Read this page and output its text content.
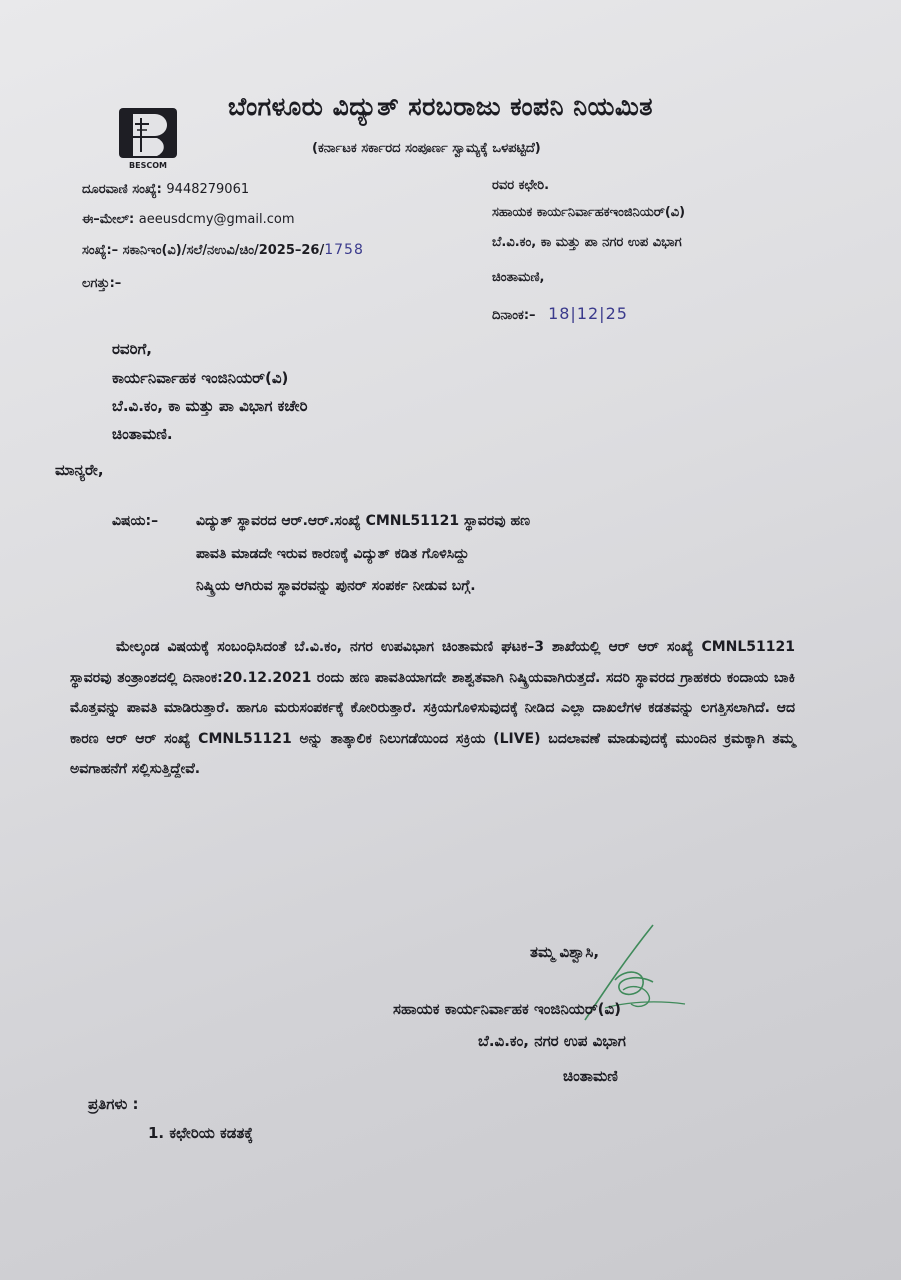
BESCOM
ಬೆಂಗಳೂರು ವಿದ್ಯುತ್ ಸರಬರಾಜು ಕಂಪನಿ ನಿಯಮಿತ
(ಕರ್ನಾಟಕ ಸರ್ಕಾರದ ಸಂಪೂರ್ಣ ಸ್ವಾಮ್ಯಕ್ಕೆ ಒಳಪಟ್ಟಿದೆ)
ದೂರವಾಣಿ ಸಂಖ್ಯೆ: 9448279061
ಈ–ಮೇಲ್: aeeusdcmy@gmail.com
ಸಂಖ್ಯೆ:– ಸಕಾನಿಇಂ(ವಿ)/ಸಲೆ/ನಉವಿ/ಚಿಂ/2025–26/1758
ಲಗತ್ತು:–
ರವರ ಕಛೇರಿ.
ಸಹಾಯಕ ಕಾರ್ಯನಿರ್ವಾಹಕಇಂಜಿನಿಯರ್(ವಿ)
ಬೆ.ವಿ.ಕಂ, ಕಾ ಮತ್ತು ಪಾ ನಗರ ಉಪ ವಿಭಾಗ
ಚಿಂತಾಮಣಿ,
ದಿನಾಂಕ:– 18|12|25
ರವರಿಗೆ,
ಕಾರ್ಯನಿರ್ವಾಹಕ ಇಂಜಿನಿಯರ್(ವಿ)
ಬೆ.ವಿ.ಕಂ, ಕಾ ಮತ್ತು ಪಾ ವಿಭಾಗ ಕಚೇರಿ
ಚಿಂತಾಮಣಿ.
ಮಾನ್ಯರೇ,
ವಿಷಯ:–	ವಿದ್ಯುತ್ ಸ್ಥಾವರದ ಆರ್.ಆರ್.ಸಂಖ್ಯೆ CMNL51121 ಸ್ಥಾವರವು ಹಣ
ಪಾವತಿ ಮಾಡದೇ ಇರುವ ಕಾರಣಕ್ಕೆ ವಿದ್ಯುತ್ ಕಡಿತ ಗೊಳಿಸಿದ್ದು
ನಿಷ್ಕ್ರಿಯ ಆಗಿರುವ ಸ್ಥಾವರವನ್ನು ಪುನರ್ ಸಂಪರ್ಕ ನೀಡುವ ಬಗ್ಗೆ.

ಮೇಲ್ಕಂಡ ವಿಷಯಕ್ಕೆ ಸಂಬಂಧಿಸಿದಂತೆ ಬೆ.ವಿ.ಕಂ, ನಗರ ಉಪವಿಭಾಗ ಚಿಂತಾಮಣಿ ಘಟಕ–3 ಶಾಖೆಯಲ್ಲಿ ಆರ್ ಆರ್ ಸಂಖ್ಯೆ CMNL51121 ಸ್ಥಾವರವು ತಂತ್ರಾಂಶದಲ್ಲಿ ದಿನಾಂಕ:20.12.2021 ರಂದು ಹಣ ಪಾವತಿಯಾಗದೇ ಶಾಶ್ವತವಾಗಿ ನಿಷ್ಕ್ರಿಯವಾಗಿರುತ್ತದೆ. ಸದರಿ ಸ್ಥಾವರದ ಗ್ರಾಹಕರು ಕಂದಾಯ ಬಾಕಿ ಮೊತ್ತವನ್ನು ಪಾವತಿ ಮಾಡಿರುತ್ತಾರೆ. ಹಾಗೂ ಮರುಸಂಪರ್ಕಕ್ಕೆ ಕೋರಿರುತ್ತಾರೆ. ಸಕ್ರಿಯಗೊಳಿಸುವುದಕ್ಕೆ ನೀಡಿದ ಎಲ್ಲಾ ದಾಖಲೆಗಳ ಕಡತವನ್ನು ಲಗತ್ತಿಸಲಾಗಿದೆ. ಆದ ಕಾರಣ ಆರ್ ಆರ್ ಸಂಖ್ಯೆ CMNL51121 ಅನ್ನು ತಾತ್ಕಾಲಿಕ ನಿಲುಗಡೆಯಿಂದ ಸಕ್ರಿಯ (LIVE) ಬದಲಾವಣೆ ಮಾಡುವುದಕ್ಕೆ ಮುಂದಿನ ಕ್ರಮಕ್ಕಾಗಿ ತಮ್ಮ ಅವಗಾಹನೆಗೆ ಸಲ್ಲಿಸುತ್ತಿದ್ದೇವೆ.

ತಮ್ಮ ವಿಶ್ವಾಸಿ,
ಸಹಾಯಕ ಕಾರ್ಯನಿರ್ವಾಹಕ ಇಂಜಿನಿಯರ್(ವಿ)
ಬೆ.ವಿ.ಕಂ, ನಗರ ಉಪ ವಿಭಾಗ
ಚಿಂತಾಮಣಿ
ಪ್ರತಿಗಳು :
1. ಕಛೇರಿಯ ಕಡತಕ್ಕೆ
